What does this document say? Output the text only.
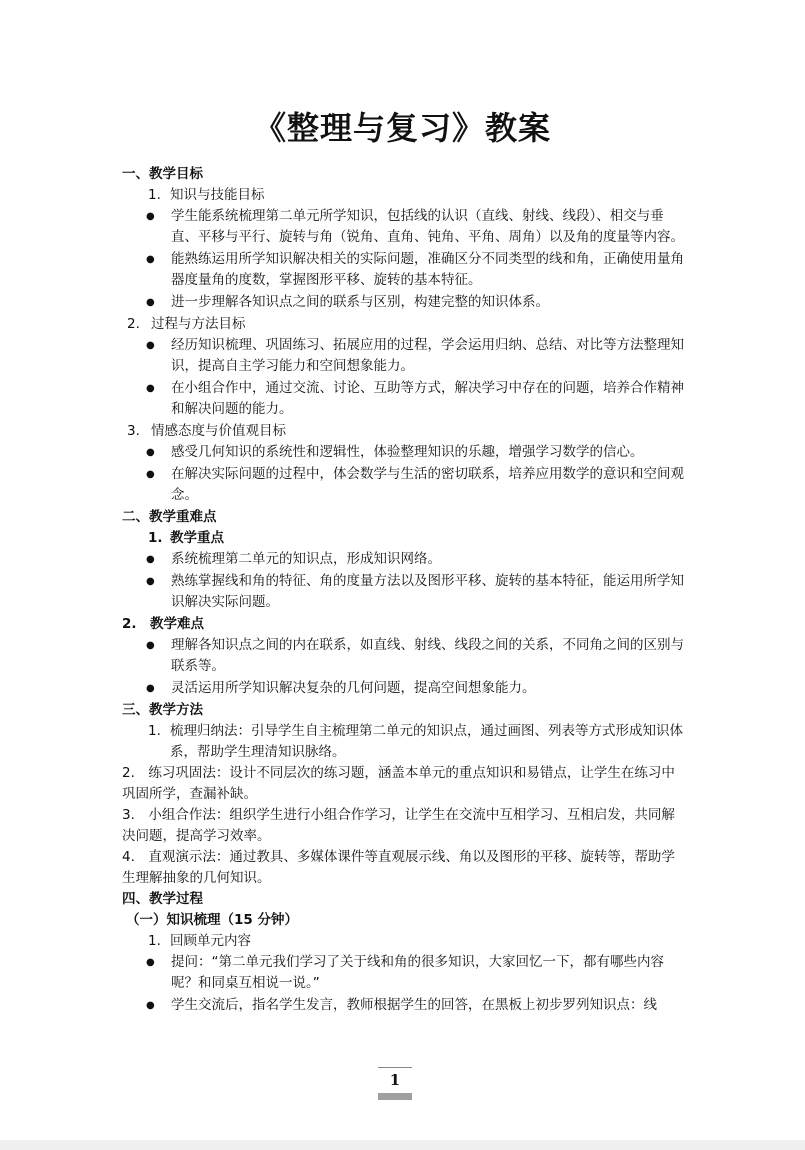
《整理与复习》教案
一、教学目标
1. 知识与技能目标
●	学生能系统梳理第二单元所学知识，包括线的认识（直线、射线、线段）、相交与垂直、平移与平行、旋转与角（锐角、直角、钝角、平角、周角）以及角的度量等内容。
●	能熟练运用所学知识解决相关的实际问题，准确区分不同类型的线和角，正确使用量角器度量角的度数，掌握图形平移、旋转的基本特征。
●	进一步理解各知识点之间的联系与区别，构建完整的知识体系。
2. 过程与方法目标
●	经历知识梳理、巩固练习、拓展应用的过程，学会运用归纳、总结、对比等方法整理知识，提高自主学习能力和空间想象能力。
●	在小组合作中，通过交流、讨论、互助等方式，解决学习中存在的问题，培养合作精神和解决问题的能力。
3. 情感态度与价值观目标
●	感受几何知识的系统性和逻辑性，体验整理知识的乐趣，增强学习数学的信心。
●	在解决实际问题的过程中，体会数学与生活的密切联系，培养应用数学的意识和空间观念。
二、教学重难点
1. 教学重点
●	系统梳理第二单元的知识点，形成知识网络。
●	熟练掌握线和角的特征、角的度量方法以及图形平移、旋转的基本特征，能运用所学知识解决实际问题。
2. 教学难点
●	理解各知识点之间的内在联系，如直线、射线、线段之间的关系，不同角之间的区别与联系等。
●	灵活运用所学知识解决复杂的几何问题，提高空间想象能力。
三、教学方法
1. 梳理归纳法：引导学生自主梳理第二单元的知识点，通过画图、列表等方式形成知识体系，帮助学生理清知识脉络。
2.　练习巩固法：设计不同层次的练习题，涵盖本单元的重点知识和易错点，让学生在练习中巩固所学，查漏补缺。
3.　小组合作法：组织学生进行小组合作学习，让学生在交流中互相学习、互相启发，共同解决问题，提高学习效率。
4.　直观演示法：通过教具、多媒体课件等直观展示线、角以及图形的平移、旋转等，帮助学生理解抽象的几何知识。
四、教学过程
（一）知识梳理（15 分钟）
1. 回顾单元内容
●	提问：“第二单元我们学习了关于线和角的很多知识，大家回忆一下，都有哪些内容呢？和同桌互相说一说。”
●	学生交流后，指名学生发言，教师根据学生的回答，在黑板上初步罗列知识点：线
1
